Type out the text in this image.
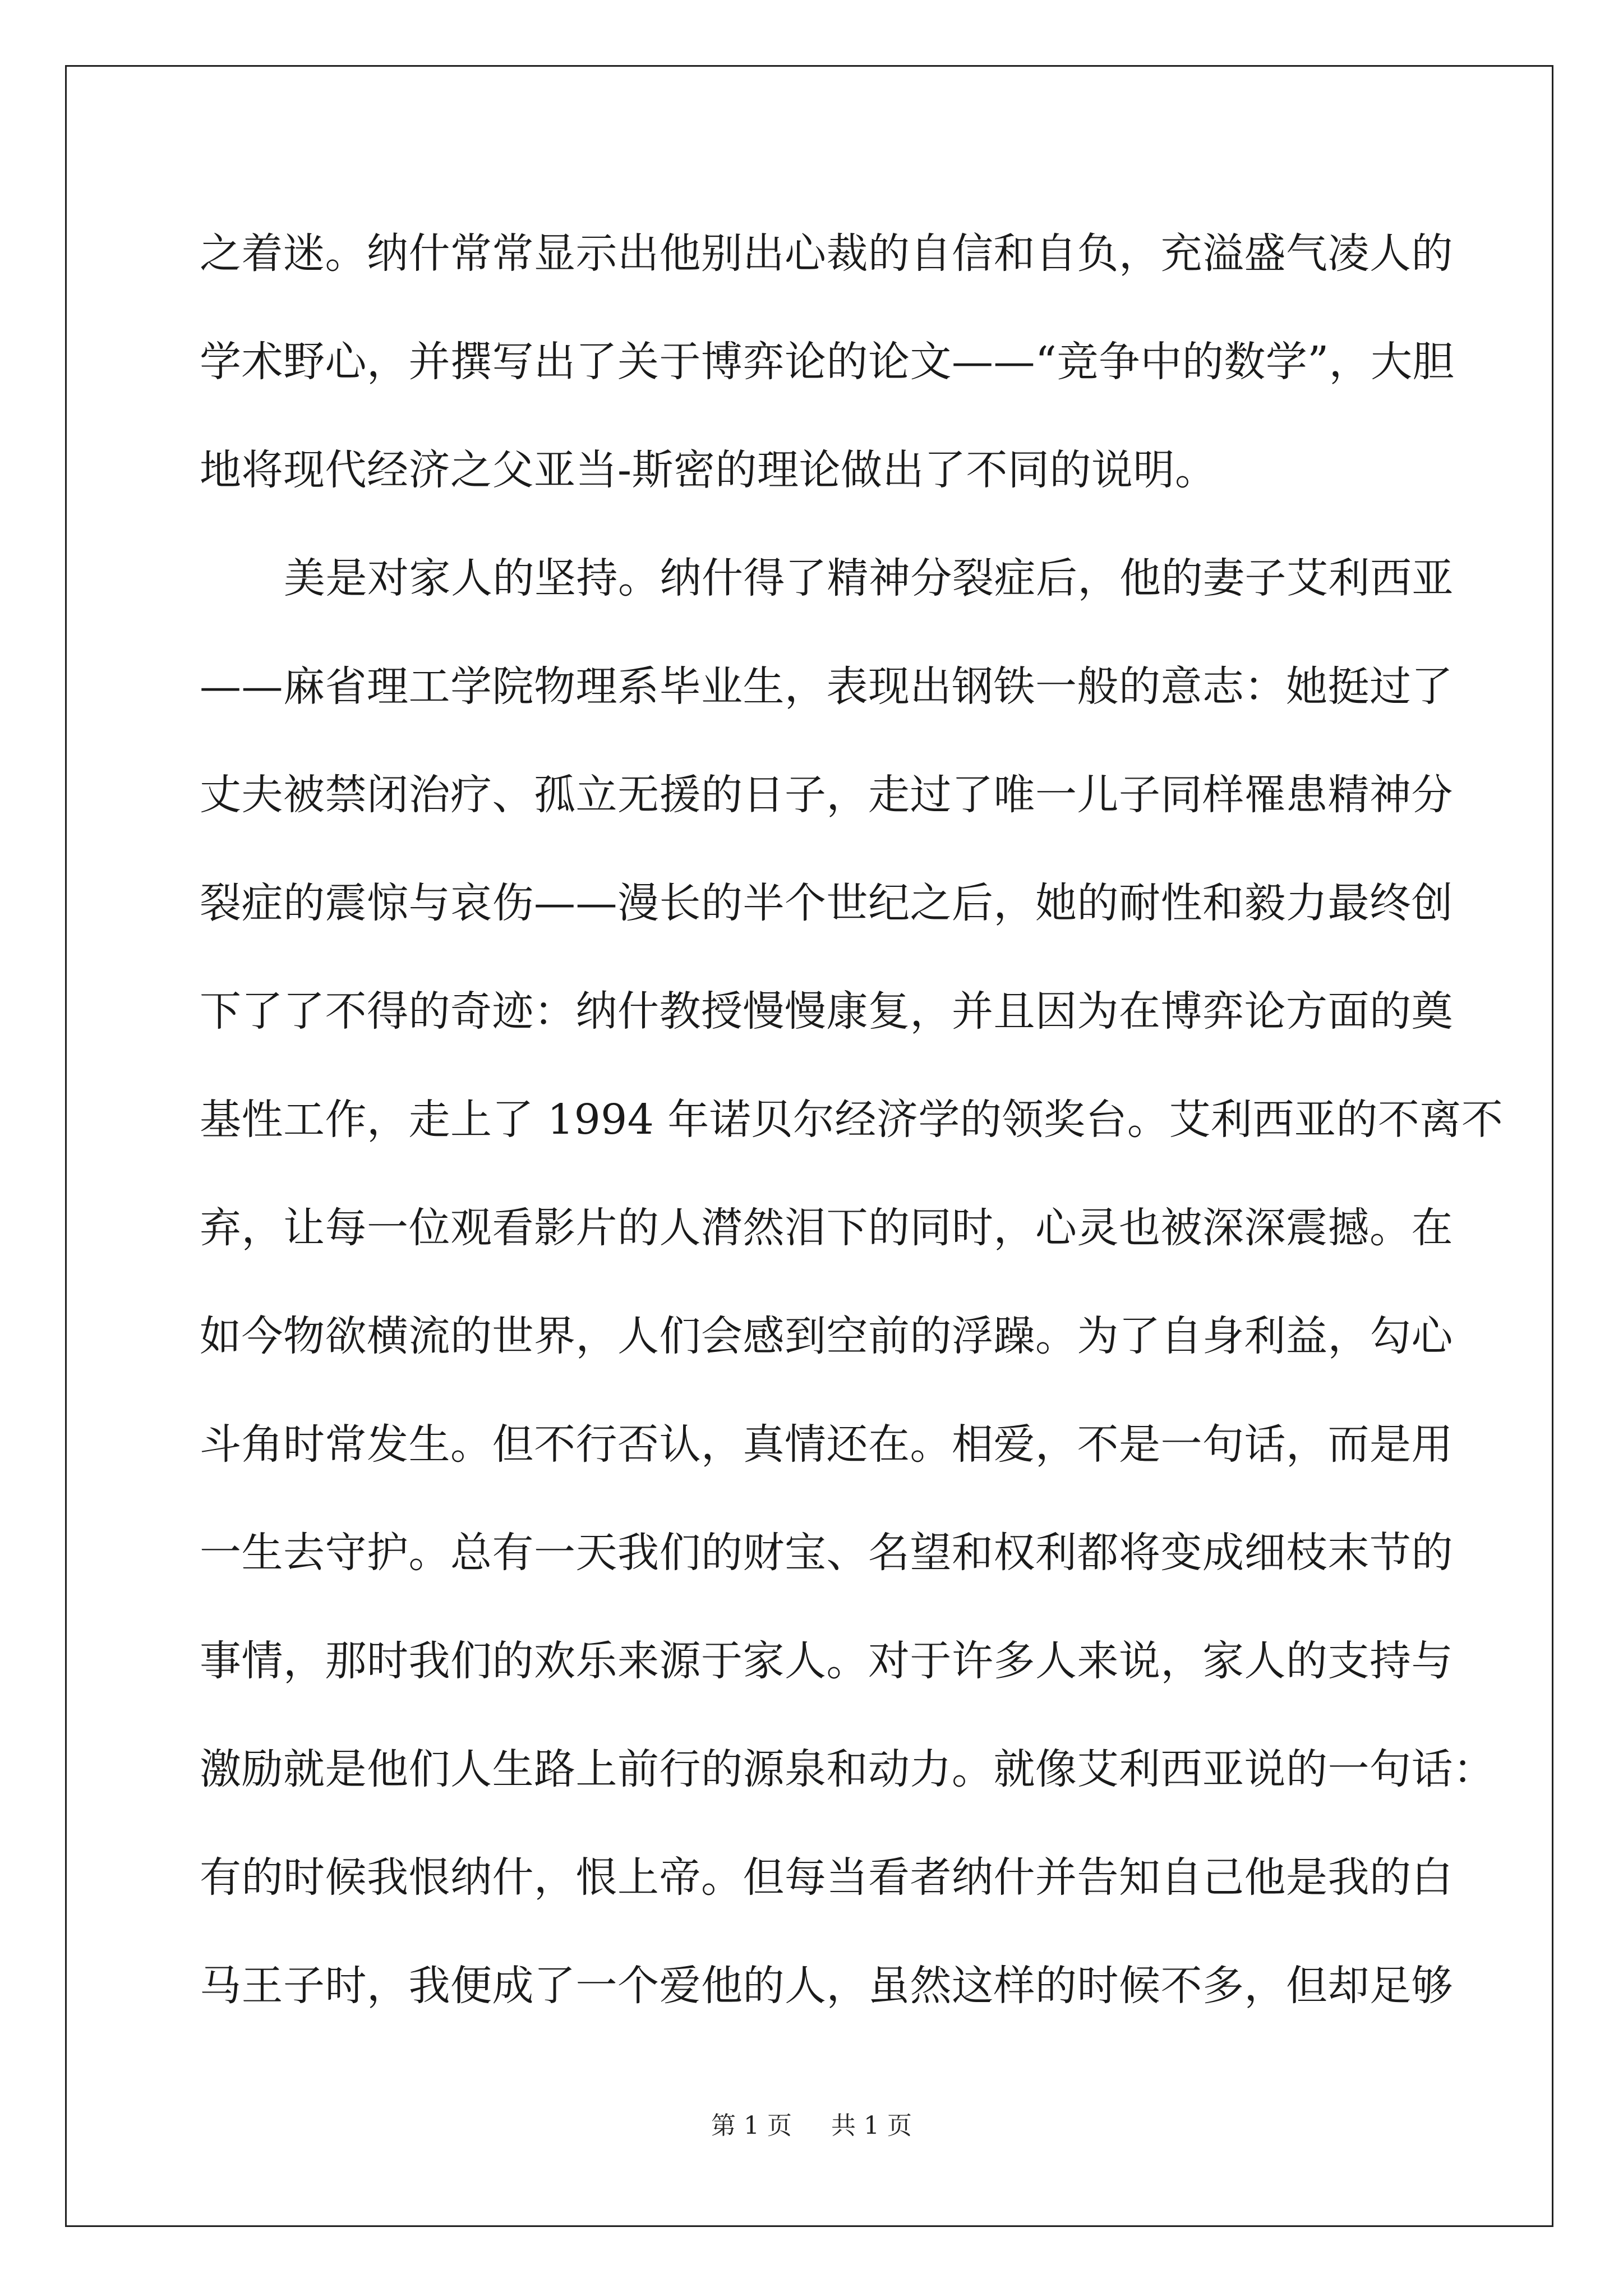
之着迷。纳什常常显示出他别出心裁的自信和自负，充溢盛气凌人的
学术野心，并撰写出了关于博弈论的论文——“竞争中的数学”，大胆
地将现代经济之父亚当-斯密的理论做出了不同的说明。
美是对家人的坚持。纳什得了精神分裂症后，他的妻子艾利西亚
——麻省理工学院物理系毕业生，表现出钢铁一般的意志：她挺过了
丈夫被禁闭治疗、孤立无援的日子，走过了唯一儿子同样罹患精神分
裂症的震惊与哀伤——漫长的半个世纪之后，她的耐性和毅力最终创
下了了不得的奇迹：纳什教授慢慢康复，并且因为在博弈论方面的奠
基性工作，走上了 1994 年诺贝尔经济学的领奖台。艾利西亚的不离不
弃，让每一位观看影片的人潸然泪下的同时，心灵也被深深震撼。在
如今物欲横流的世界，人们会感到空前的浮躁。为了自身利益，勾心
斗角时常发生。但不行否认，真情还在。相爱，不是一句话，而是用
一生去守护。总有一天我们的财宝、名望和权利都将变成细枝末节的
事情，那时我们的欢乐来源于家人。对于许多人来说，家人的支持与
激励就是他们人生路上前行的源泉和动力。就像艾利西亚说的一句话：
有的时候我恨纳什，恨上帝。但每当看者纳什并告知自己他是我的白
马王子时，我便成了一个爱他的人，虽然这样的时候不多，但却足够
第 1 页 共 1 页
